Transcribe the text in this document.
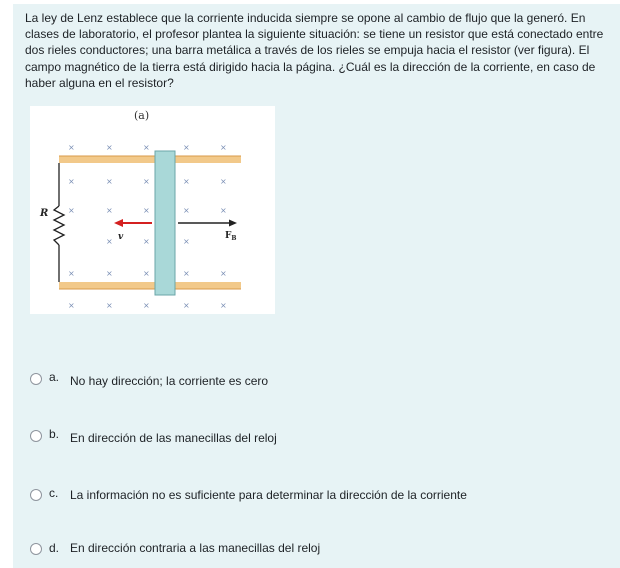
La ley de Lenz establece que la corriente inducida siempre se opone al cambio de flujo que la generó. En clases de laboratorio, el profesor plantea la siguiente situación: se tiene un resistor que está conectado entre dos rieles conductores; una barra metálica a través de los rieles se empuja hacia el resistor (ver figura). El campo magnético de la tierra está dirigido hacia la página. ¿Cuál es la dirección de la corriente, en caso de haber alguna en el resistor?
(a)
×	×	×	×	×
×	×	×	×	×
×	×	×	×	×
×	×	×
×	×	×	×	×
×	×	×	×	×
R
v	$F_B$
a. No hay dirección; la corriente es cero
b. En dirección de las manecillas del reloj
c. La información no es suficiente para determinar la dirección de la corriente
d. En dirección contraria a las manecillas del reloj
